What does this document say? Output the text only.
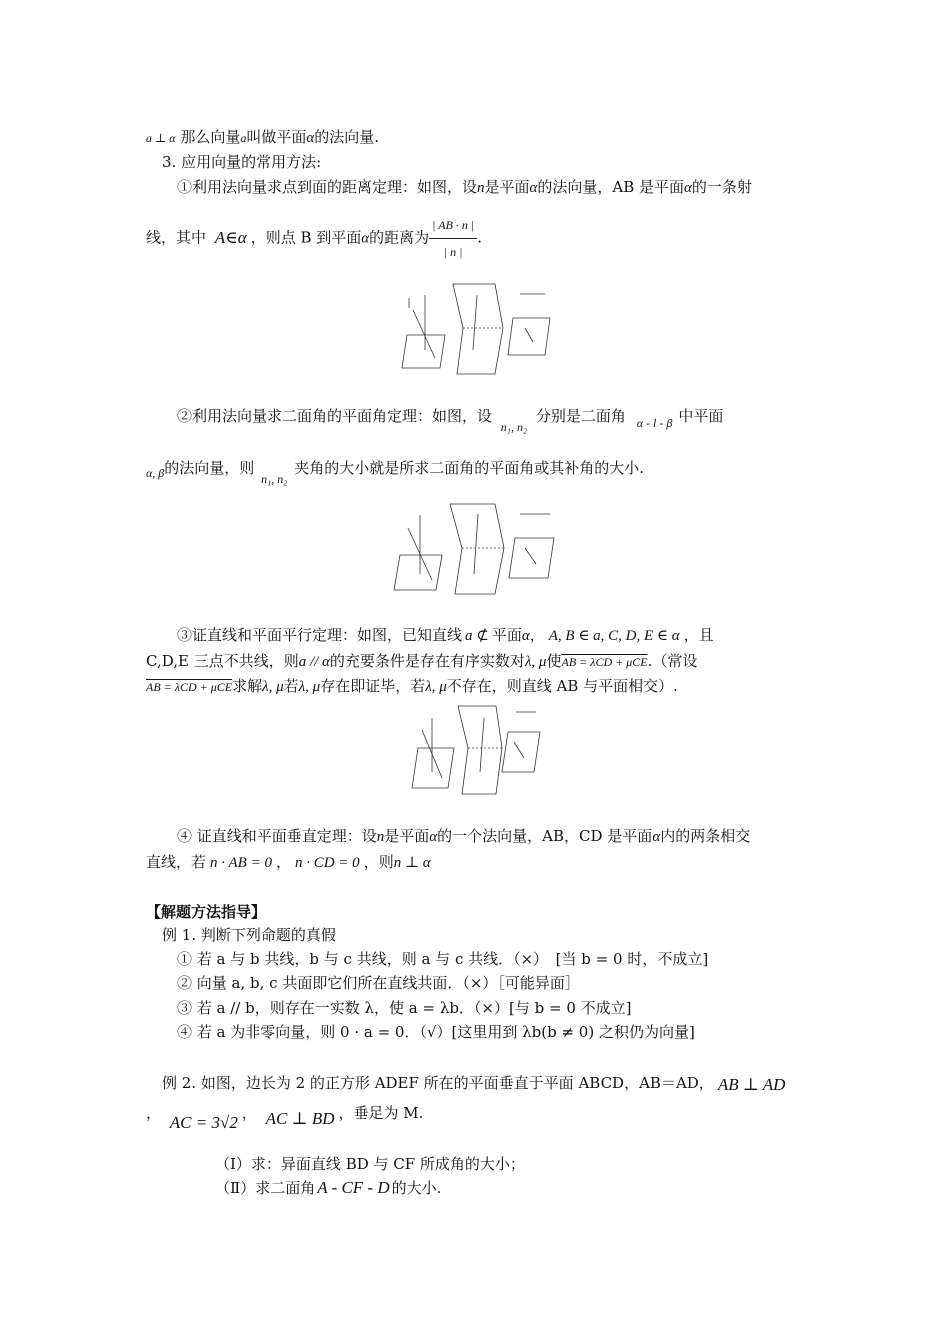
a ⊥ α 那么向量a叫做平面α的法向量.
3. 应用向量的常用方法:
①利用法向量求点到面的距离定理：如图，设n是平面α的法向量，AB 是平面α的一条射
线，其中 A∈α ，则点 B 到平面α的距离为 $\frac{| AB \cdot n |}{| n |}$ .
②利用法向量求二面角的平面角定理：如图，设 $_{n_1, n_2}$ 分别是二面角 $_{\alpha - l - \beta}$ 中平面
$_{\alpha, \beta}$的法向量，则 $_{n_1, n_2}$ 夹角的大小就是所求二面角的平面角或其补角的大小.
③证直线和平面平行定理：如图，已知直线 a ⊄ 平面α， A, B ∈ a, C, D, E ∈ α ，且
C,D,E 三点不共线，则a // α的充要条件是存在有序实数对λ, μ使AB = λCD + μCE.（常设
AB = λCD + μCE求解λ, μ若λ, μ存在即证毕，若λ, μ不存在，则直线 AB 与平面相交）.
④ 证直线和平面垂直定理：设n是平面α的一个法向量，AB，CD 是平面α内的两条相交
直线，若 n · AB = 0 ， n · CD = 0 ，则n ⊥ α
【解题方法指导】
例 1. 判断下列命题的真假
① 若 a 与 b 共线，b 与 c 共线，则 a 与 c 共线．（×）　[当 b = 0 时，不成立]
② 向量 a, b, c 共面即它们所在直线共面．（×）［可能异面］
③ 若 a // b，则存在一实数 λ，使 a = λb．（×）[与 b = 0 不成立]
④ 若 a 为非零向量，则 0 · a = 0．（√）[这里用到 λb(b ≠ 0) 之积仍为向量]
例 2. 如图，边长为 2 的正方形 ADEF 所在的平面垂直于平面 ABCD，AB＝AD， AB ⊥ AD
， AC = 3√2 ， AC ⊥ BD ，垂足为 M.
（Ⅰ）求：异面直线 BD 与 CF 所成角的大小；
（Ⅱ）求二面角 A - CF - D 的大小.
